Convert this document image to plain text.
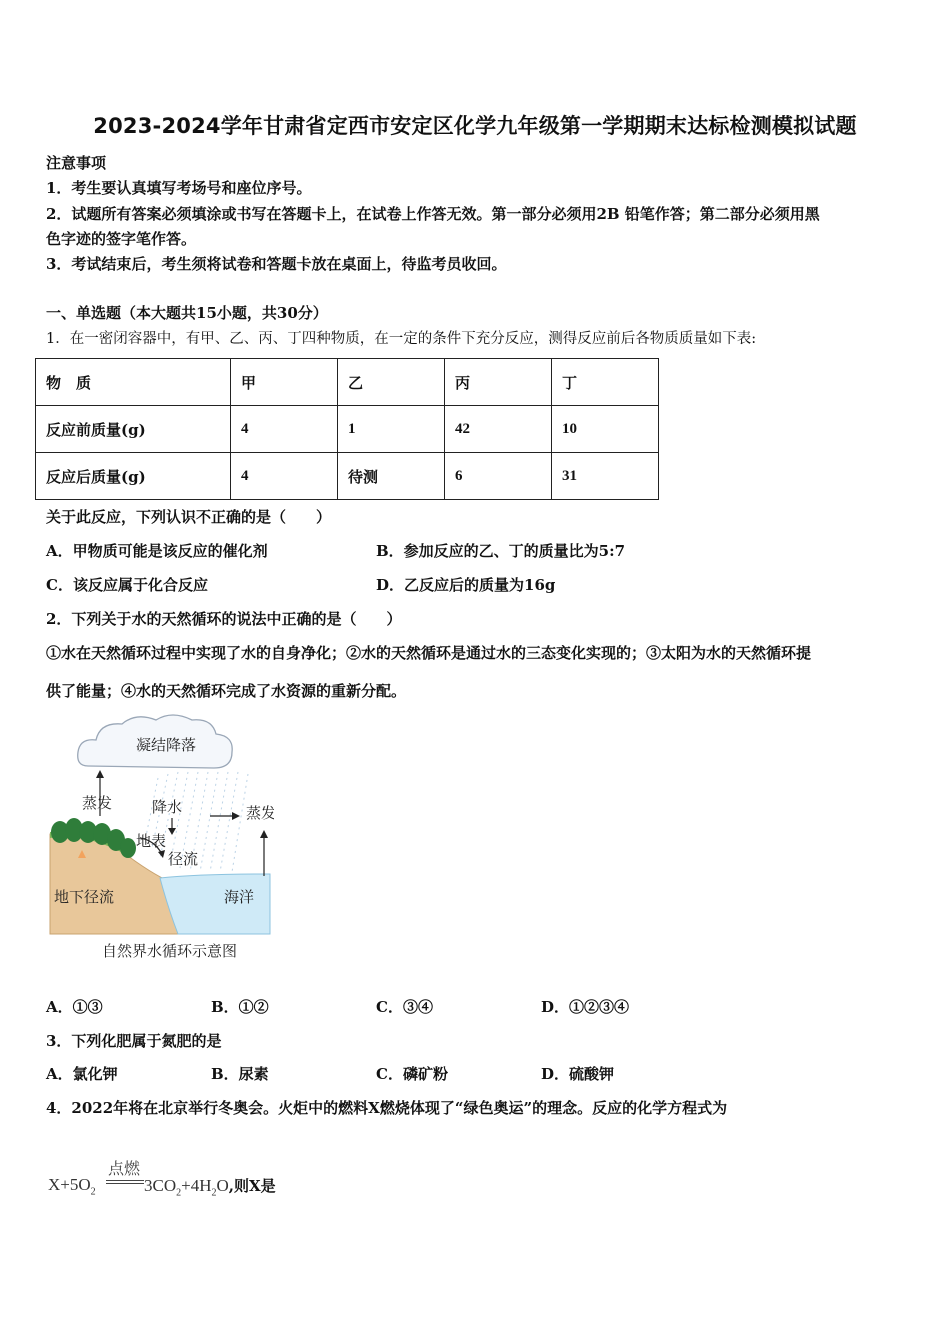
2023-2024学年甘肃省定西市安定区化学九年级第一学期期末达标检测模拟试题
注意事项
1．考生要认真填写考场号和座位序号。
2．试题所有答案必须填涂或书写在答题卡上，在试卷上作答无效。第一部分必须用2B 铅笔作答；第二部分必须用黑
色字迹的签字笔作答。
3．考试结束后，考生须将试卷和答题卡放在桌面上，待监考员收回。
一、单选题（本大题共15小题，共30分）
1．在一密闭容器中，有甲、乙、丙、丁四种物质，在一定的条件下充分反应，测得反应前后各物质质量如下表:
物　质	甲	乙	丙	丁
反应前质量(g)	4	1	42	10
反应后质量(g)	4	待测	6	31
关于此反应，下列认识不正确的是（　　）
A．甲物质可能是该反应的催化剂	B．参加反应的乙、丁的质量比为5:7
C．该反应属于化合反应	D．乙反应后的质量为16g
2．下列关于水的天然循环的说法中正确的是（　　）
①水在天然循环过程中实现了水的自身净化；②水的天然循环是通过水的三态变化实现的；③太阳为水的天然循环提
供了能量；④水的天然循环完成了水资源的重新分配。
凝结降落
蒸发	降水	蒸发
地表
径流
地下径流	海洋
自然界水循环示意图
A．①③	B．①②	C．③④	D．①②③④
3．下列化肥属于氮肥的是
A．氯化钾	B．尿素	C．磷矿粉	D．硫酸钾
4．2022年将在北京举行冬奥会。火炬中的燃料X燃烧体现了“绿色奥运”的理念。反应的化学方程式为
$X+5O_2$
点燃
$3CO_2+4H_2O$,则X是
